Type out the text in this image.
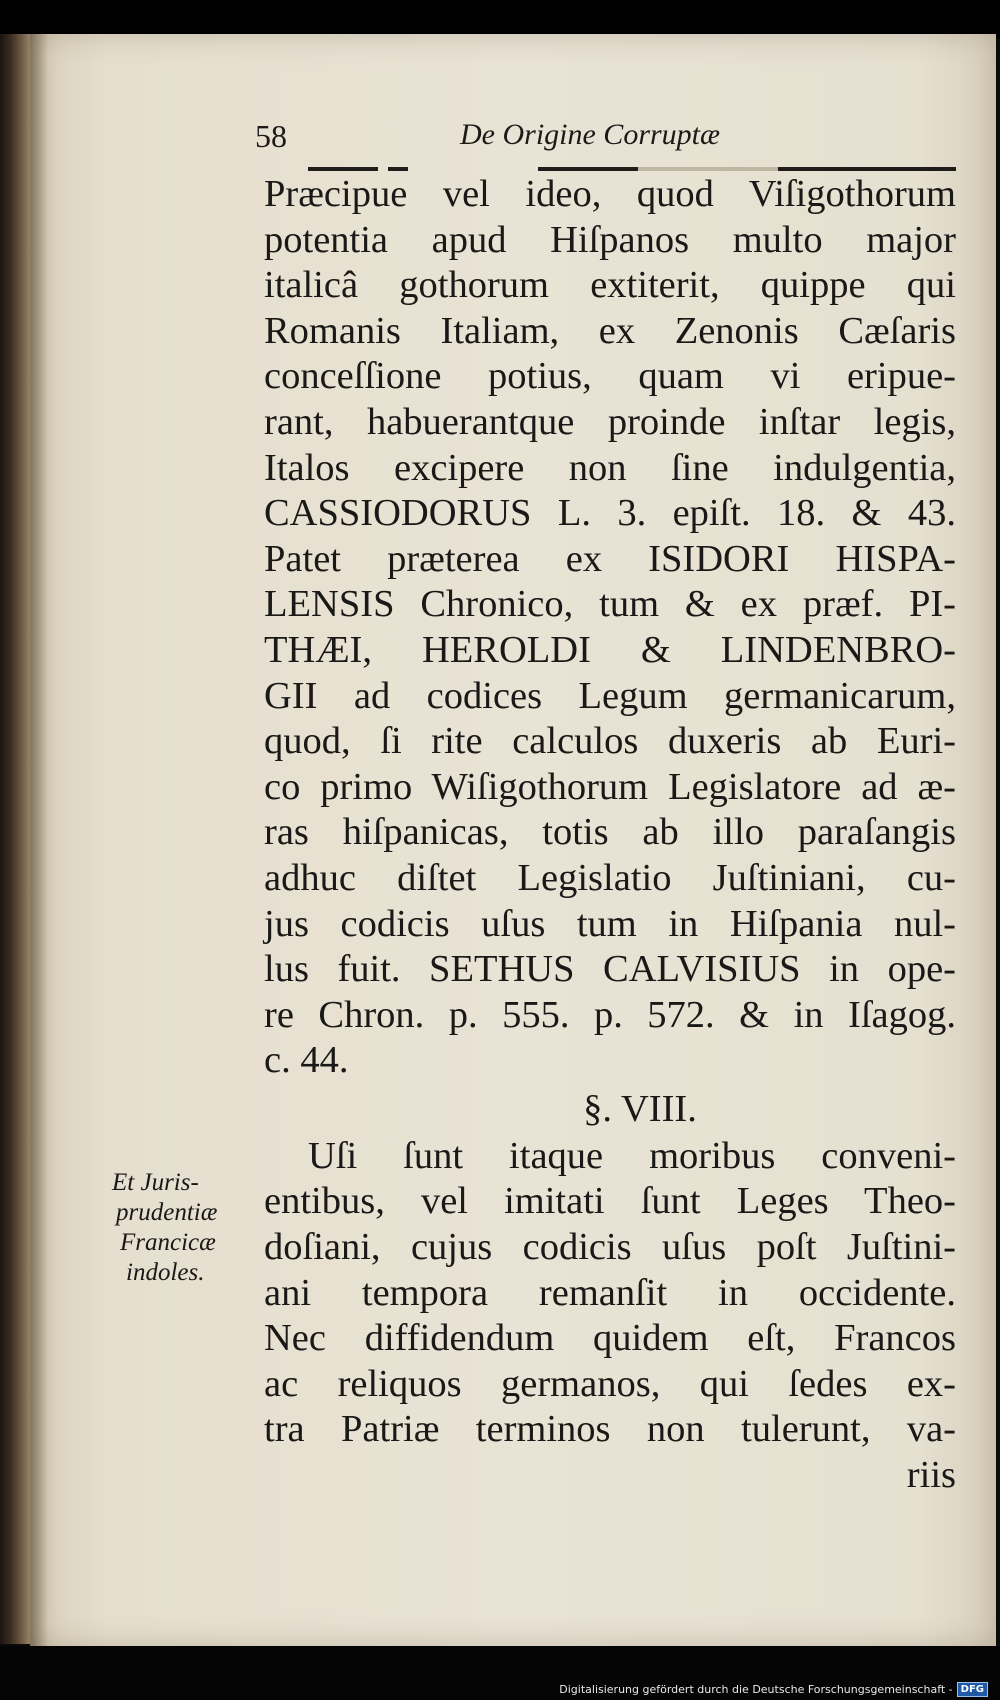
58	De Origine Corruptæ
Præcipue vel ideo, quod Viſigothorum
potentia apud Hiſpanos multo major
italicâ gothorum extiterit, quippe qui
Romanis Italiam, ex Zenonis Cæſaris
conceſſione potius, quam vi eripue-
rant, habuerantque proinde inſtar legis,
Italos excipere non ſine indulgentia,
CASSIODORUS L. 3. epiſt. 18. & 43.
Patet præterea ex ISIDORI HISPA-
LENSIS Chronico, tum & ex præf. PI-
THÆI, HEROLDI & LINDENBRO-
GII ad codices Legum germanicarum,
quod, ſi rite calculos duxeris ab Euri-
co primo Wiſigothorum Legislatore ad æ-
ras hiſpanicas, totis ab illo paraſangis
adhuc diſtet Legislatio Juſtiniani, cu-
jus codicis uſus tum in Hiſpania nul-
lus fuit. SETHUS CALVISIUS in ope-
re Chron. p. 555. p. 572. & in Iſagog.
c. 44.
§. VIII.
Uſi ſunt itaque moribus conveni-
entibus, vel imitati ſunt Leges Theo-
doſiani, cujus codicis uſus poſt Juſtini-
ani tempora remanſit in occidente.
Nec diffidendum quidem eſt, Francos
ac reliquos germanos, qui ſedes ex-
tra Patriæ terminos non tulerunt, va-
riis
Et Juris-
prudentiæ
Francicæ
indoles.
Digitalisierung gefördert durch die Deutsche Forschungsgemeinschaft - DFG
